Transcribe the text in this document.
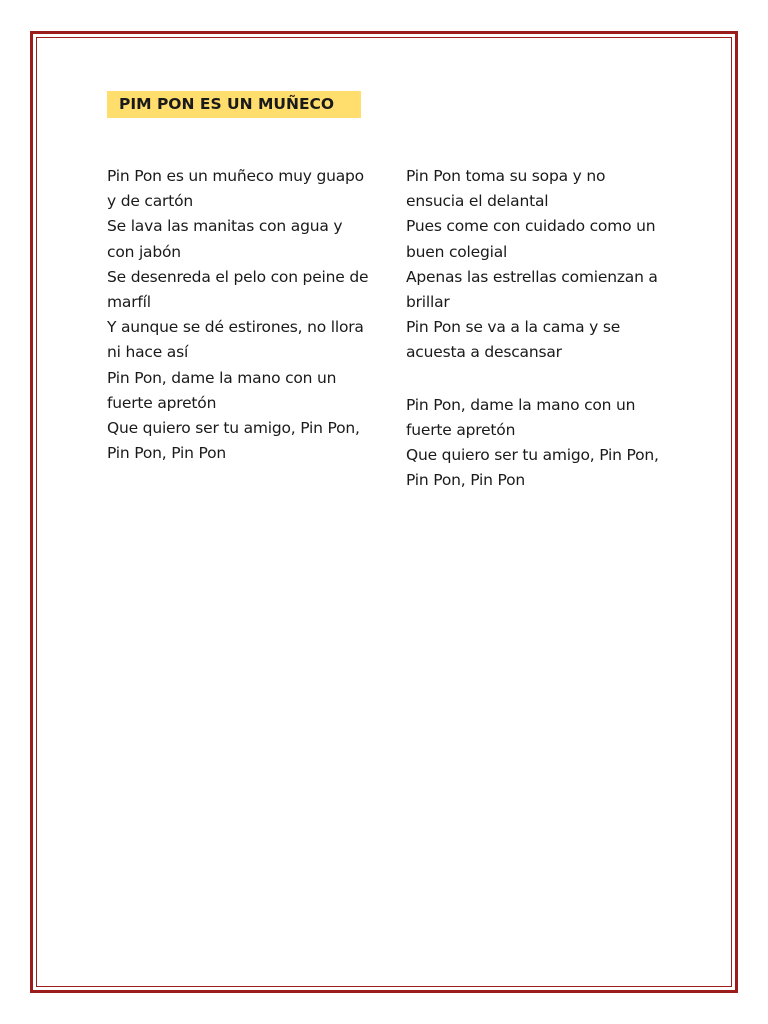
PIM PON ES UN MUÑECO
Pin Pon es un muñeco muy guapo y de cartón
Se lava las manitas con agua y con jabón
Se desenreda el pelo con peine de marfíl
Y aunque se dé estirones, no llora ni hace así
Pin Pon, dame la mano con un fuerte apretón
Que quiero ser tu amigo, Pin Pon, Pin Pon, Pin Pon
Pin Pon toma su sopa y no ensucia el delantal
Pues come con cuidado como un buen colegial
Apenas las estrellas comienzan a brillar
Pin Pon se va a la cama y se acuesta a descansar
Pin Pon, dame la mano con un fuerte apretón
Que quiero ser tu amigo, Pin Pon, Pin Pon, Pin Pon
